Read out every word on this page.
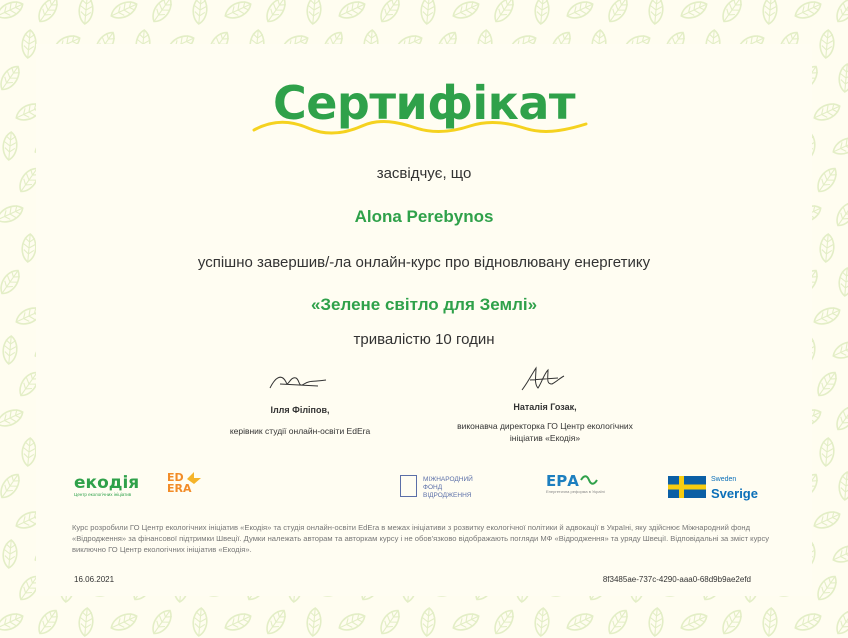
Сертифікат
засвідчує, що
Alona Perebynos
успішно завершив/-ла онлайн-курс про відновлювану енергетику
«Зелене світло для Землі»
тривалістю 10 годин
Ілля Філіпов,
керівник студії онлайн-освіти EdEra
Наталія Гозак,
виконавча директорка ГО Центр екологічних
ініціатив «Екодія»
екодія
Центр екологічних ініціатив
ED
ERA
МІЖНАРОДНИЙ
ФОНД
ВІДРОДЖЕННЯ
ЕРА
Енергетична реформа в Україні
Sweden
Sverige
Курс розробили ГО Центр екологічних ініціатив «Екодія» та студія онлайн-освіти EdEra в межах ініціативи з розвитку екологічної політики й адвокації в Україні, яку здійснює Міжнародний фонд «Відродження» за фінансової підтримки Швеції. Думки належать авторам та авторкам курсу і не обов'язково відображають погляди МФ «Відродження» та уряду Швеції. Відповідальні за зміст курсу виключно ГО Центр екологічних ініціатив «Екодія».
16.06.2021	8f3485ae-737c-4290-aaa0-68d9b9ae2efd
